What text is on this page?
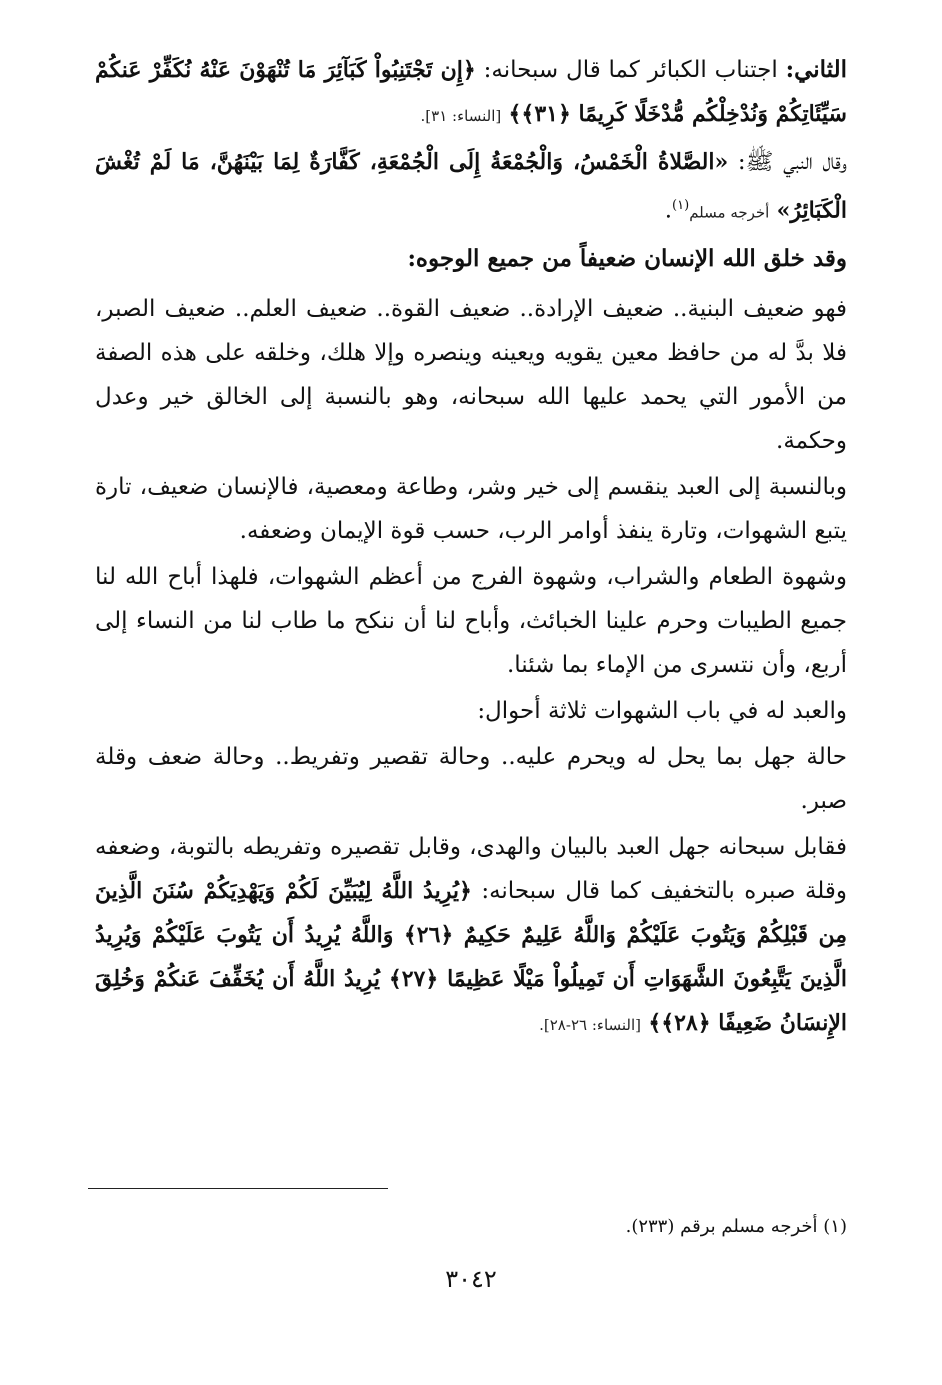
الثاني: اجتناب الكبائر كما قال سبحانه: ﴿إِن تَجْتَنِبُواْ كَبَآئِرَ مَا تُنْهَوْنَ عَنْهُ نُكَفِّرْ عَنكُمْ سَيِّئَاتِكُمْ وَنُدْخِلْكُم مُّدْخَلًا كَرِيمًا ﴿٣١﴾﴾ [النساء: ٣١].

وقال النبي ﷺ: «الصَّلاةُ الْخَمْسُ، وَالْجُمْعَةُ إِلَى الْجُمْعَةِ، كَفَّارَةٌ لِمَا بَيْنَهُنَّ، مَا لَمْ تُغْشَ الْكَبَائِرُ» أخرجه مسلم$^{(١)}$.

وقد خلق الله الإنسان ضعيفاً من جميع الوجوه:

فهو ضعيف البنية.. ضعيف الإرادة.. ضعيف القوة.. ضعيف العلم.. ضعيف الصبر، فلا بدَّ له من حافظ معين يقويه ويعينه وينصره وإلا هلك، وخلقه على هذه الصفة من الأمور التي يحمد عليها الله سبحانه، وهو بالنسبة إلى الخالق خير وعدل وحكمة.

وبالنسبة إلى العبد ينقسم إلى خير وشر، وطاعة ومعصية، فالإنسان ضعيف، تارة يتبع الشهوات، وتارة ينفذ أوامر الرب، حسب قوة الإيمان وضعفه.

وشهوة الطعام والشراب، وشهوة الفرج من أعظم الشهوات، فلهذا أباح الله لنا جميع الطيبات وحرم علينا الخبائث، وأباح لنا أن ننكح ما طاب لنا من النساء إلى أربع، وأن نتسرى من الإماء بما شئنا.

والعبد له في باب الشهوات ثلاثة أحوال:

حالة جهل بما يحل له ويحرم عليه.. وحالة تقصير وتفريط.. وحالة ضعف وقلة صبر.

فقابل سبحانه جهل العبد بالبيان والهدى، وقابل تقصيره وتفريطه بالتوبة، وضعفه وقلة صبره بالتخفيف كما قال سبحانه: ﴿يُرِيدُ اللَّهُ لِيُبَيِّنَ لَكُمْ وَيَهْدِيَكُمْ سُنَنَ الَّذِينَ مِن قَبْلِكُمْ وَيَتُوبَ عَلَيْكُمْ وَاللَّهُ عَلِيمٌ حَكِيمٌ ﴿٢٦﴾ وَاللَّهُ يُرِيدُ أَن يَتُوبَ عَلَيْكُمْ وَيُرِيدُ الَّذِينَ يَتَّبِعُونَ الشَّهَوَاتِ أَن تَمِيلُواْ مَيْلًا عَظِيمًا ﴿٢٧﴾ يُرِيدُ اللَّهُ أَن يُخَفِّفَ عَنكُمْ وَخُلِقَ الإِنسَانُ ضَعِيفًا ﴿٢٨﴾﴾ [النساء: ٢٦-٢٨].

(١) أخرجه مسلم برقم (٢٣٣).
٣٠٤٢
